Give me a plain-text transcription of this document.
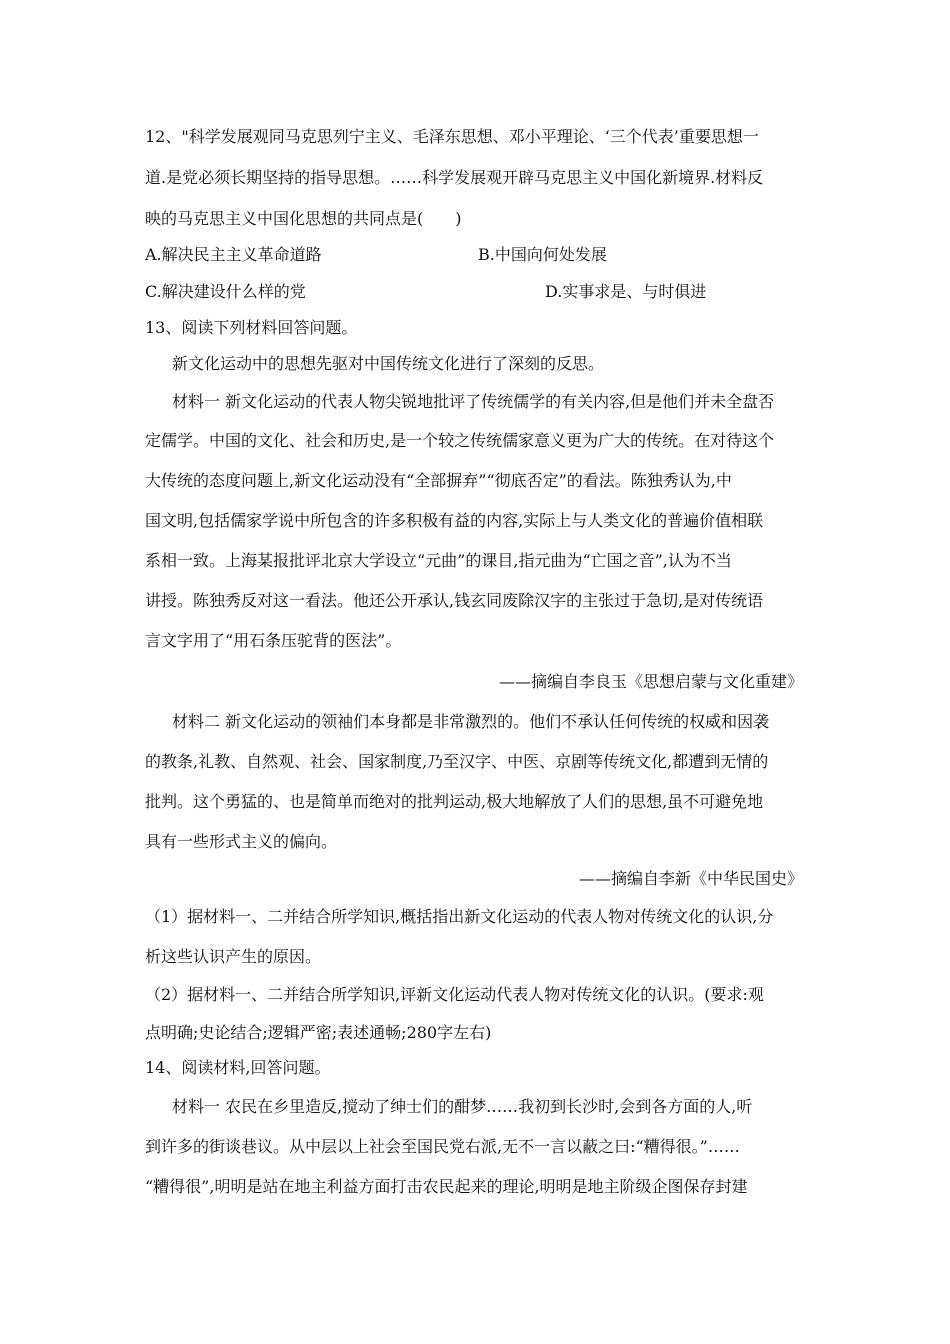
12、"科学发展观同马克思列宁主义、毛泽东思想、邓小平理论、‘三个代表’重要思想一
道.是党必须长期坚持的指导思想。……科学发展观开辟马克思主义中国化新境界.材料反
映的马克思主义中国化思想的共同点是(　　)
A.解决民主主义革命道路	B.中国向何处发展
C.解决建设什么样的党	D.实事求是、与时俱进
13、阅读下列材料回答问题。
新文化运动中的思想先驱对中国传统文化进行了深刻的反思。
材料一 新文化运动的代表人物尖锐地批评了传统儒学的有关内容,但是他们并未全盘否
定儒学。中国的文化、社会和历史,是一个较之传统儒家意义更为广大的传统。在对待这个
大传统的态度问题上,新文化运动没有“全部摒弃”“彻底否定”的看法。陈独秀认为,中
国文明,包括儒家学说中所包含的许多积极有益的内容,实际上与人类文化的普遍价值相联
系相一致。上海某报批评北京大学设立“元曲”的课目,指元曲为“亡国之音”,认为不当
讲授。陈独秀反对这一看法。他还公开承认,钱玄同废除汉字的主张过于急切,是对传统语
言文字用了“用石条压驼背的医法”。
——摘编自李良玉《思想启蒙与文化重建》
材料二 新文化运动的领袖们本身都是非常激烈的。他们不承认任何传统的权威和因袭
的教条,礼教、自然观、社会、国家制度,乃至汉字、中医、京剧等传统文化,都遭到无情的
批判。这个勇猛的、也是简单而绝对的批判运动,极大地解放了人们的思想,虽不可避免地
具有一些形式主义的偏向。
——摘编自李新《中华民国史》
（1）据材料一、二并结合所学知识,概括指出新文化运动的代表人物对传统文化的认识,分
析这些认识产生的原因。
（2）据材料一、二并结合所学知识,评新文化运动代表人物对传统文化的认识。(要求:观
点明确;史论结合;逻辑严密;表述通畅;280字左右)
14、阅读材料,回答问题。
材料一 农民在乡里造反,搅动了绅士们的酣梦……我初到长沙时,会到各方面的人,听
到许多的街谈巷议。从中层以上社会至国民党右派,无不一言以蔽之曰:“糟得很。”……
“糟得很”,明明是站在地主利益方面打击农民起来的理论,明明是地主阶级企图保存封建
